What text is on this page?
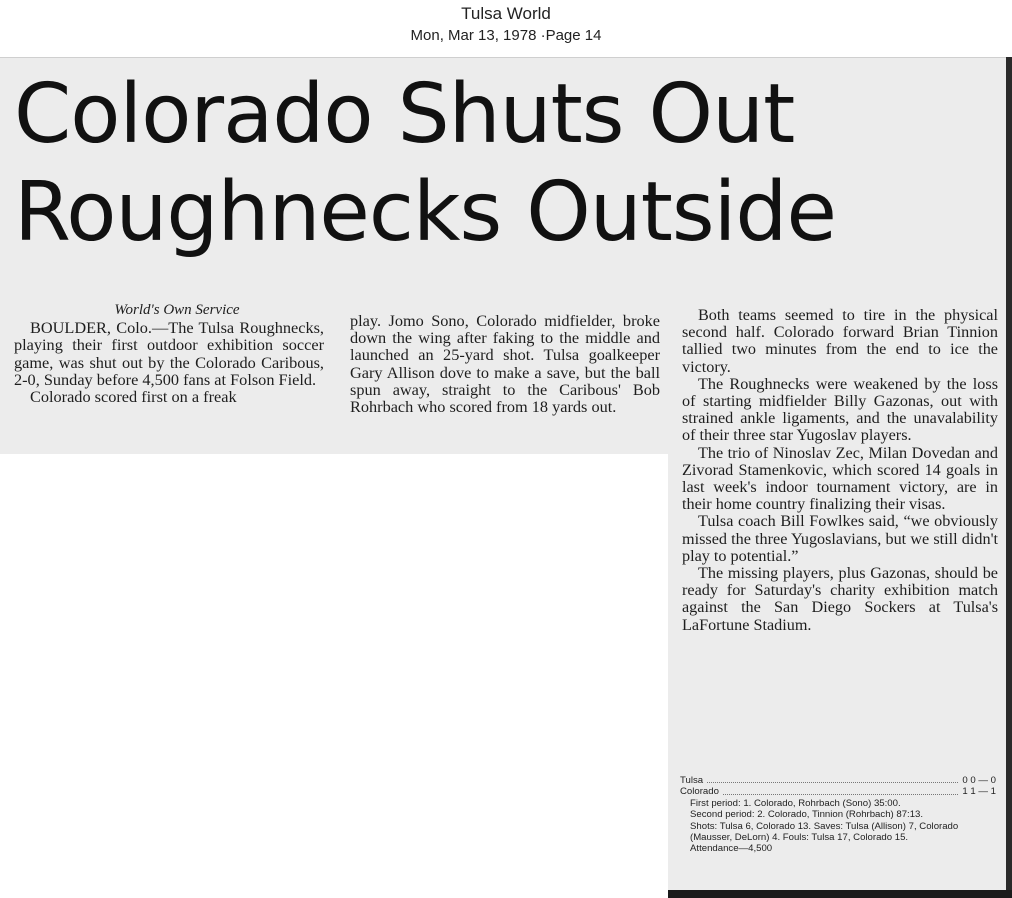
Tulsa World
Mon, Mar 13, 1978 ·Page 14
Colorado Shuts Out
Roughnecks Outside

World's Own Service

BOULDER, Colo.—The Tulsa Roughnecks, playing their first outdoor exhibition soccer game, was shut out by the Colorado Caribous, 2-0, Sunday before 4,500 fans at Folson Field.

Colorado scored first on a freak

play. Jomo Sono, Colorado midfielder, broke down the wing after faking to the middle and launched an 25-yard shot. Tulsa goalkeeper Gary Allison dove to make a save, but the ball spun away, straight to the Caribous' Bob Rohrbach who scored from 18 yards out.

Both teams seemed to tire in the physical second half. Colorado forward Brian Tinnion tallied two minutes from the end to ice the victory.

The Roughnecks were weakened by the loss of starting midfielder Billy Gazonas, out with strained ankle ligaments, and the unavalability of their three star Yugoslav players.

The trio of Ninoslav Zec, Milan Dovedan and Zivorad Stamenkovic, which scored 14 goals in last week's indoor tournament victory, are in their home country finalizing their visas.

Tulsa coach Bill Fowlkes said, “we obviously missed the three Yugoslavians, but we still didn't play to potential.”

The missing players, plus Gazonas, should be ready for Saturday's charity exhibition match against the San Diego Sockers at Tulsa's LaFortune Stadium.

Tulsa	0 0 — 0
Colorado	1 1 — 1

First period: 1. Colorado, Rohrbach (Sono) 35:00.

Second period: 2. Colorado, Tinnion (Rohrbach) 87:13.

Shots: Tulsa 6, Colorado 13. Saves: Tulsa (Allison) 7, Colorado (Mausser, DeLorn) 4. Fouls: Tulsa 17, Colorado 15.

Attendance—4,500
